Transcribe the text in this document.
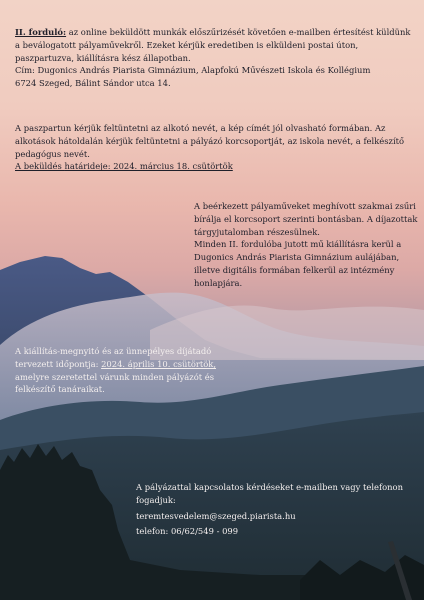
II. forduló: az online beküldött munkák előszűrizését követően e-mailben értesítést küldünk
a beválogatott pályaművekről. Ezeket kérjük eredetiben is elküldeni postai úton,
paszpartuzva, kiállításra kész állapotban.
Cím: Dugonics András Piarista Gimnázium, Alapfokú Művészeti Iskola és Kollégium
6724 Szeged, Bálint Sándor utca 14.

A paszpartun kérjük feltüntetni az alkotó nevét, a kép címét jól olvasható formában. Az
alkotások hátoldalán kérjük feltüntetni a pályázó korcsoportját, az iskola nevét, a felkészítő
pedagógus nevét.
A beküldés határideje: 2024. március 18. csütörtök

A beérkezett pályaműveket meghívott szakmai zsűri
bírálja el korcsoport szerinti bontásban. A díjazottak
tárgyjutalomban részesülnek.
Minden II. fordulóba jutott mű kiállításra kerül a
Dugonics András Piarista Gimnázium aulájában,
illetve digitális formában felkerül az intézmény
honlapjára.

A kiállítás-megnyitó és az ünnepélyes díjátadó
tervezett időpontja: 2024. április 10. csütörtök,
amelyre szeretettel várunk minden pályázót és
felkészítő tanáraikat.

A pályázattal kapcsolatos kérdéseket e-mailben vagy telefonon
fogadjuk:
teremtesvedelem@szeged.piarista.hu
telefon: 06/62/549 - 099
